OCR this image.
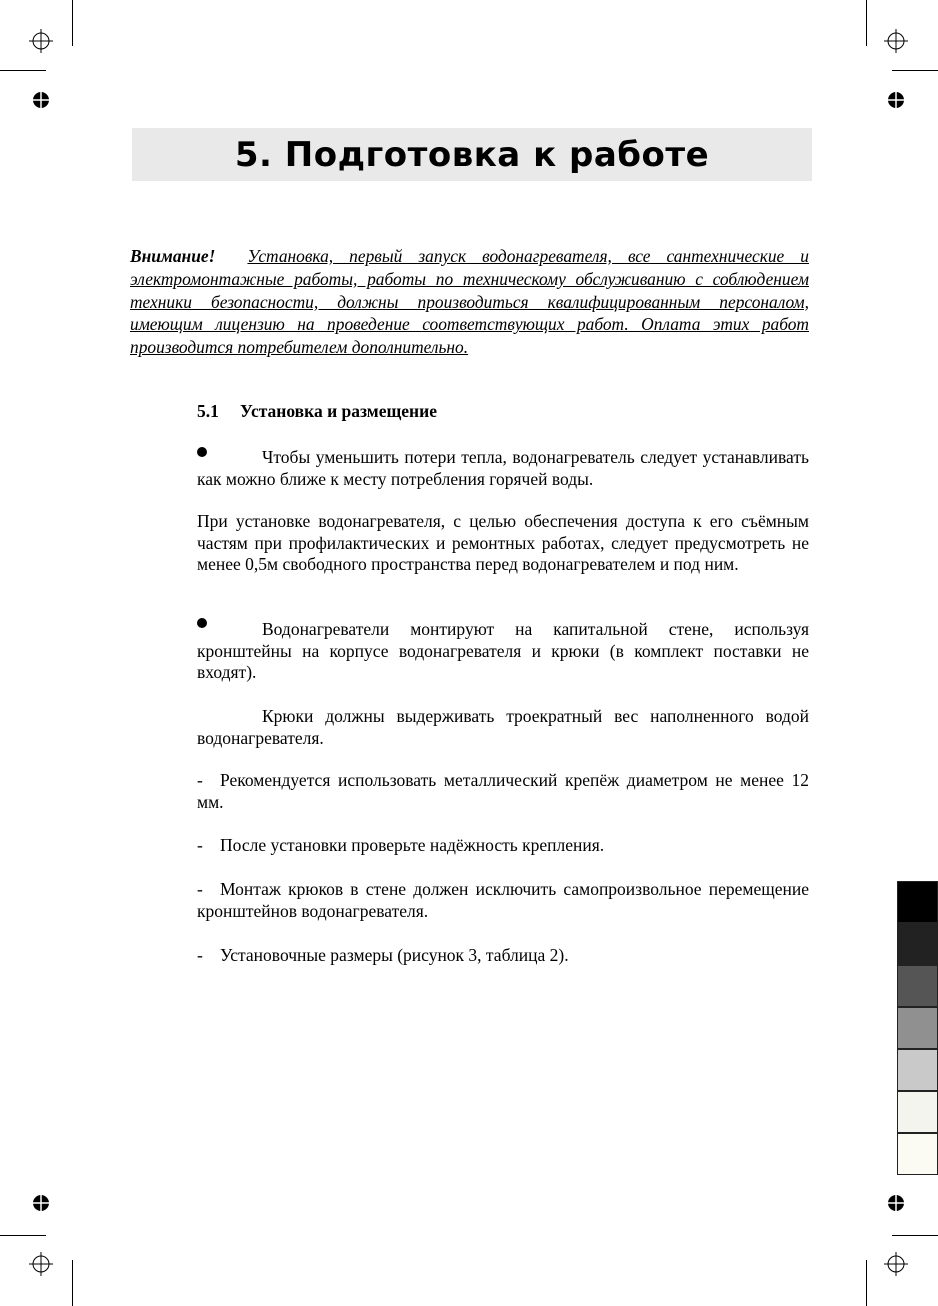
5. Подготовка к работе
Внимание! Установка, первый запуск водонагревателя, все сантехнические и электромонтажные работы, работы по техническому обслуживанию с соблюдением техники безопасности, должны производиться квалифицированным персоналом, имеющим лицензию на проведение соответствующих работ. Оплата этих работ производится потребителем дополнительно.
5.1 Установка и размещение
Чтобы уменьшить потери тепла, водонагреватель следует устанавливать как можно ближе к месту потребления горячей воды.
При установке водонагревателя, с целью обеспечения доступа к его съёмным частям при профилактических и ремонтных работах, следует предусмотреть не менее 0,5м свободного пространства перед водонагревателем и под ним.
Водонагреватели монтируют на капитальной стене, используя кронштейны на корпусе водонагревателя и крюки (в комплект поставки не входят).
Крюки должны выдерживать троекратный вес наполненного водой водонагревателя.
- Рекомендуется использовать металлический крепёж диаметром не менее 12 мм.
- После установки проверьте надёжность крепления.
- Монтаж крюков в стене должен исключить самопроизвольное перемещение кронштейнов водонагревателя.
- Установочные размеры (рисунок 3, таблица 2).
